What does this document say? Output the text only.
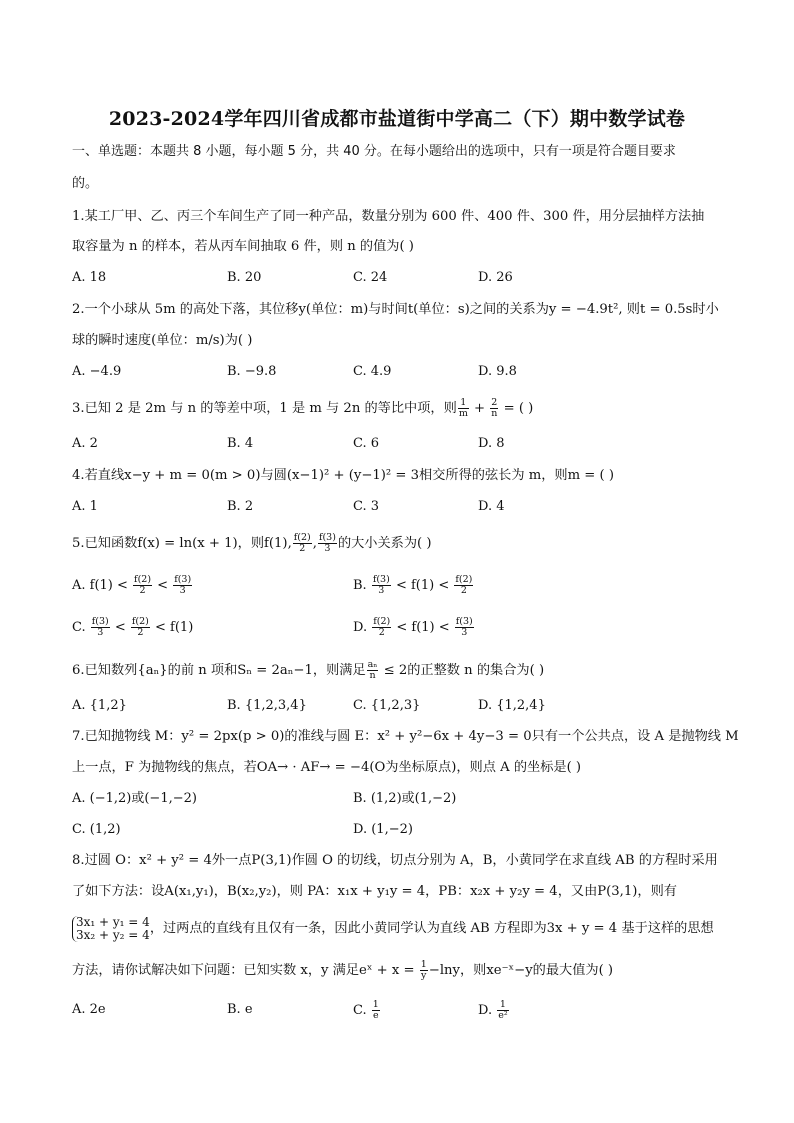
2023-2024学年四川省成都市盐道街中学高二（下）期中数学试卷
一、单选题：本题共 8 小题，每小题 5 分，共 40 分。在每小题给出的选项中，只有一项是符合题目要求
的。
1.某工厂甲、乙、丙三个车间生产了同一种产品，数量分别为 600 件、400 件、300 件，用分层抽样方法抽
取容量为 n 的样本，若从丙车间抽取 6 件，则 n 的值为( )
A. 18	B. 20	C. 24	D. 26
2.一个小球从 5m 的高处下落，其位移y(单位：m)与时间t(单位：s)之间的关系为y = −4.9t², 则t = 0.5s时小
球的瞬时速度(单位：m/s)为( )
A. −4.9	B. −9.8	C. 4.9	D. 9.8
3.已知 2 是 2m 与 n 的等差中项，1 是 m 与 2n 的等比中项，则 $\frac{1}{m} + \frac{2}{n}$ = ( )
A. 2	B. 4	C. 6	D. 8
4.若直线x−y + m = 0(m > 0)与圆(x−1)² + (y−1)² = 3相交所得的弦长为 m，则m = ( )
A. 1	B. 2	C. 3	D. 4
5.已知函数f(x) = ln(x + 1)，则f(1), $\frac{f(2)}{2}$ , $\frac{f(3)}{3}$ 的大小关系为( )
A. $f(1) < \frac{f(2)}{2} < \frac{f(3)}{3}$	B. $\frac{f(3)}{3} < f(1) < \frac{f(2)}{2}$
C. $\frac{f(3)}{3} < \frac{f(2)}{2} < f(1)$	D. $\frac{f(2)}{2} < f(1) < \frac{f(3)}{3}$
6.已知数列{aₙ}的前 n 项和Sₙ = 2aₙ−1，则满足 $\frac{\text{aₙ}}{n} \le 2$的正整数 n 的集合为( )
A. {1,2}	B. {1,2,3,4}	C. {1,2,3}	D. {1,2,4}
7.已知抛物线 M：y² = 2px(p > 0)的准线与圆 E：x² + y²−6x + 4y−3 = 0只有一个公共点，设 A 是抛物线 M
上一点，F 为抛物线的焦点，若OA→ · AF→ = −4(O为坐标原点)，则点 A 的坐标是( )
A. (−1,2)或(−1,−2)	B. (1,2)或(1,−2)
C. (1,2)	D. (1,−2)
8.过圆 O：x² + y² = 4外一点P(3,1)作圆 O 的切线，切点分别为 A，B，小黄同学在求直线 AB 的方程时采用
了如下方法：设A(x₁,y₁)，B(x₂,y₂)，则 PA：x₁x + y₁y = 4，PB：x₂x + y₂y = 4，又由P(3,1)，则有
3x₁ + y₁ = 4
3x₂ + y₂ = 4，过两点的直线有且仅有一条，因此小黄同学认为直线 AB 方程即为3x + y = 4 基于这样的思想
方法，请你试解决如下问题：已知实数 x，y 满足eˣ + $x = \frac{1}{y} -\ln y$，则xe⁻ˣ−y的最大值为( )
A. 2e	B. e	C. $\frac{1}{e}$	D. $\frac{1}{\text{e²}}$
